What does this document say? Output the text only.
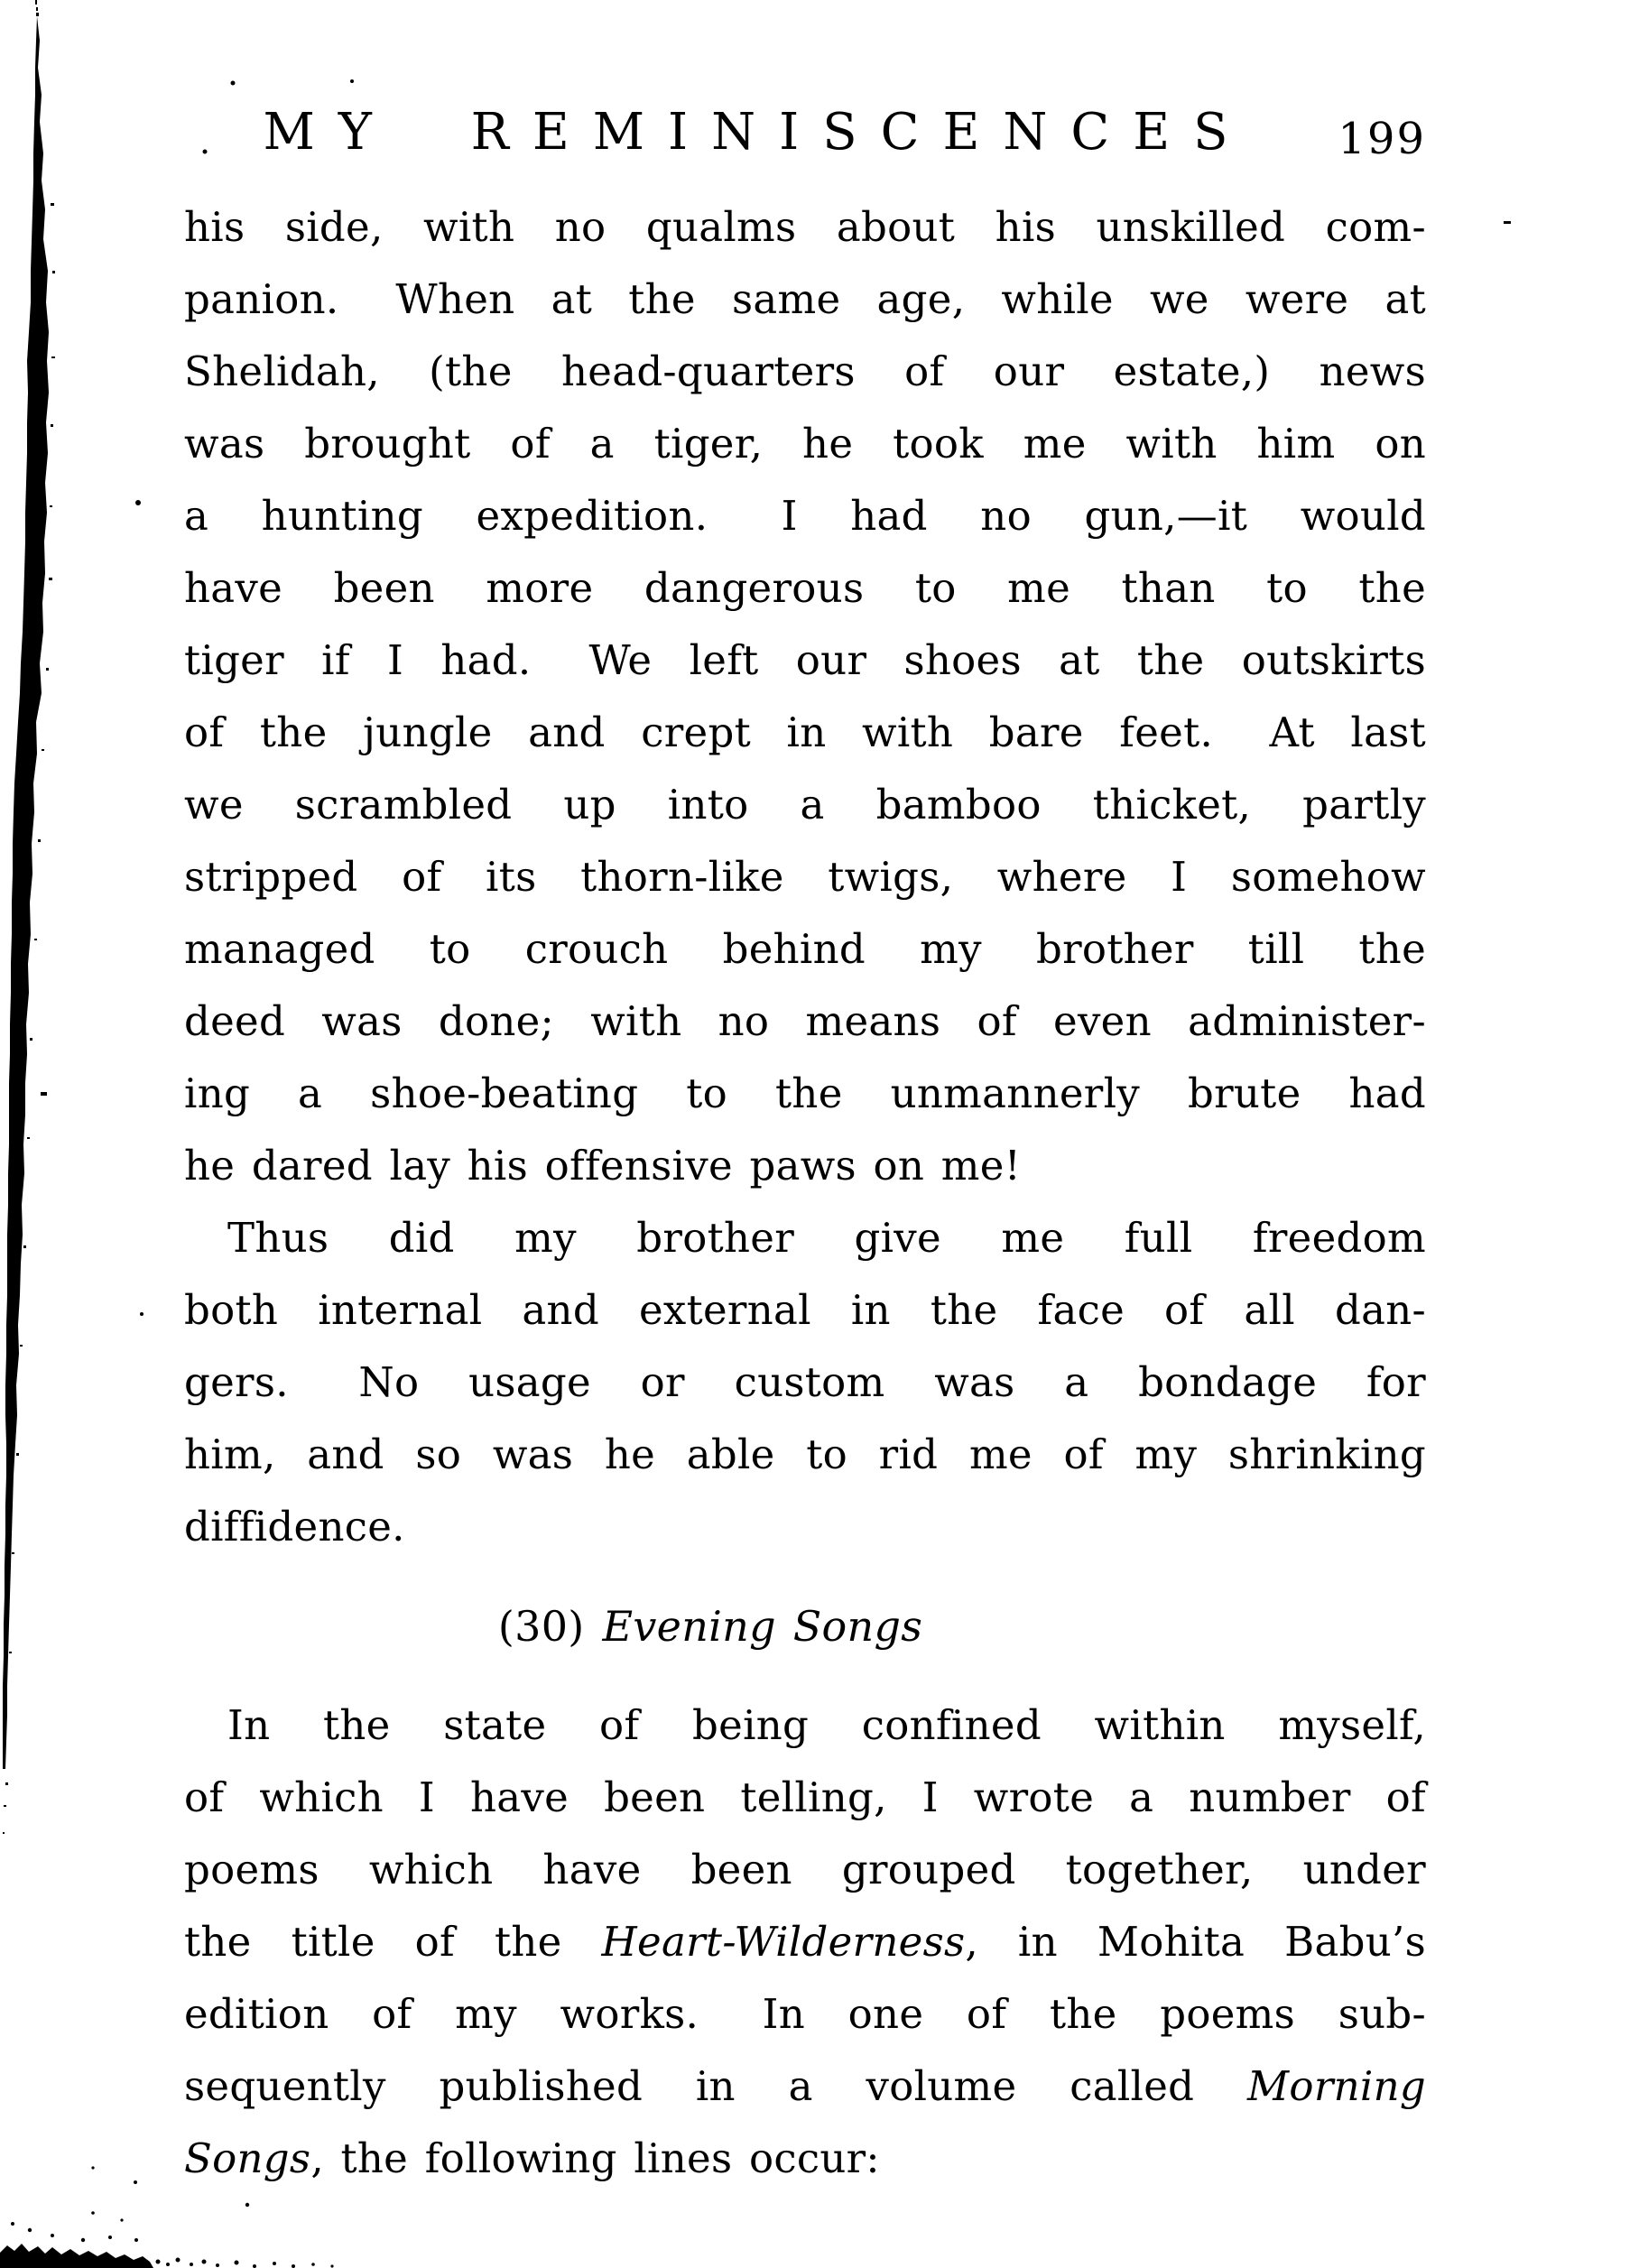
MY REMINISCENCES 199
his side, with no qualms about his unskilled com-
panion.  When at the same age, while we were at
Shelidah, (the head-quarters of our estate,) news
was brought of a tiger, he took me with him on
a hunting expedition.  I had no gun,—it would
have been more dangerous to me than to the
tiger if I had.  We left our shoes at the outskirts
of the jungle and crept in with bare feet.  At last
we scrambled up into a bamboo thicket, partly
stripped of its thorn-like twigs, where I somehow
managed to crouch behind my brother till the
deed was done; with no means of even administer-
ing a shoe-beating to the unmannerly brute had
he dared lay his offensive paws on me!
Thus did my brother give me full freedom
both internal and external in the face of all dan-
gers.  No usage or custom was a bondage for
him, and so was he able to rid me of my shrinking
diffidence.
(30) Evening Songs
In the state of being confined within myself,
of which I have been telling, I wrote a number of
poems which have been grouped together, under
the title of the Heart-Wilderness, in Mohita Babu’s
edition of my works.  In one of the poems sub-
sequently published in a volume called Morning
Songs, the following lines occur:
